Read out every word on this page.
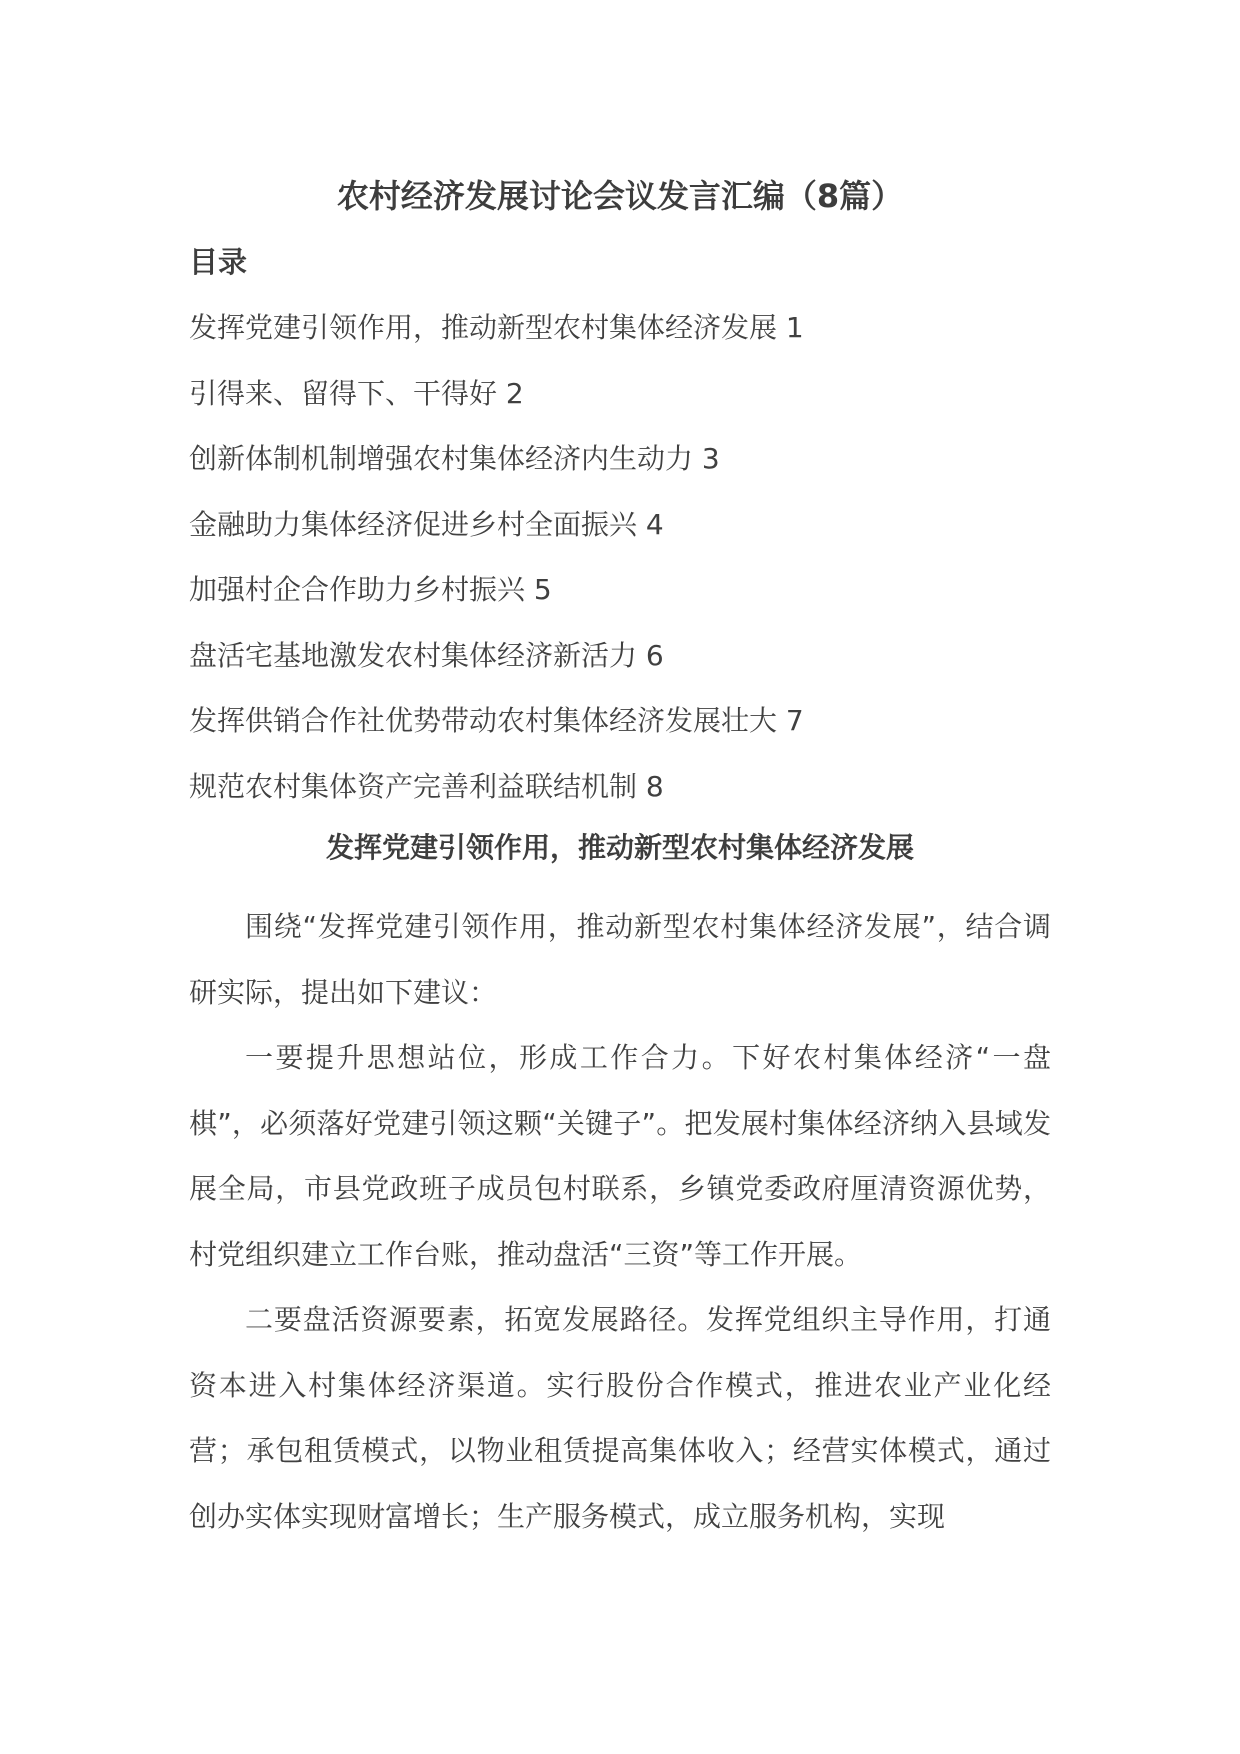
农村经济发展讨论会议发言汇编（8篇）
目录
发挥党建引领作用，推动新型农村集体经济发展 1
引得来、留得下、干得好 2
创新体制机制增强农村集体经济内生动力 3
金融助力集体经济促进乡村全面振兴 4
加强村企合作助力乡村振兴 5
盘活宅基地激发农村集体经济新活力 6
发挥供销合作社优势带动农村集体经济发展壮大 7
规范农村集体资产完善利益联结机制 8
发挥党建引领作用，推动新型农村集体经济发展

围绕“发挥党建引领作用，推动新型农村集体经济发展”，结合调研实际，提出如下建议：

一要提升思想站位，形成工作合力。下好农村集体经济“一盘棋”，必须落好党建引领这颗“关键子”。把发展村集体经济纳入县域发展全局，市县党政班子成员包村联系，乡镇党委政府厘清资源优势，村党组织建立工作台账，推动盘活“三资”等工作开展。

二要盘活资源要素，拓宽发展路径。发挥党组织主导作用，打通资本进入村集体经济渠道。实行股份合作模式，推进农业产业化经营；承包租赁模式，以物业租赁提高集体收入；经营实体模式，通过创办实体实现财富增长；生产服务模式，成立服务机构，实现
